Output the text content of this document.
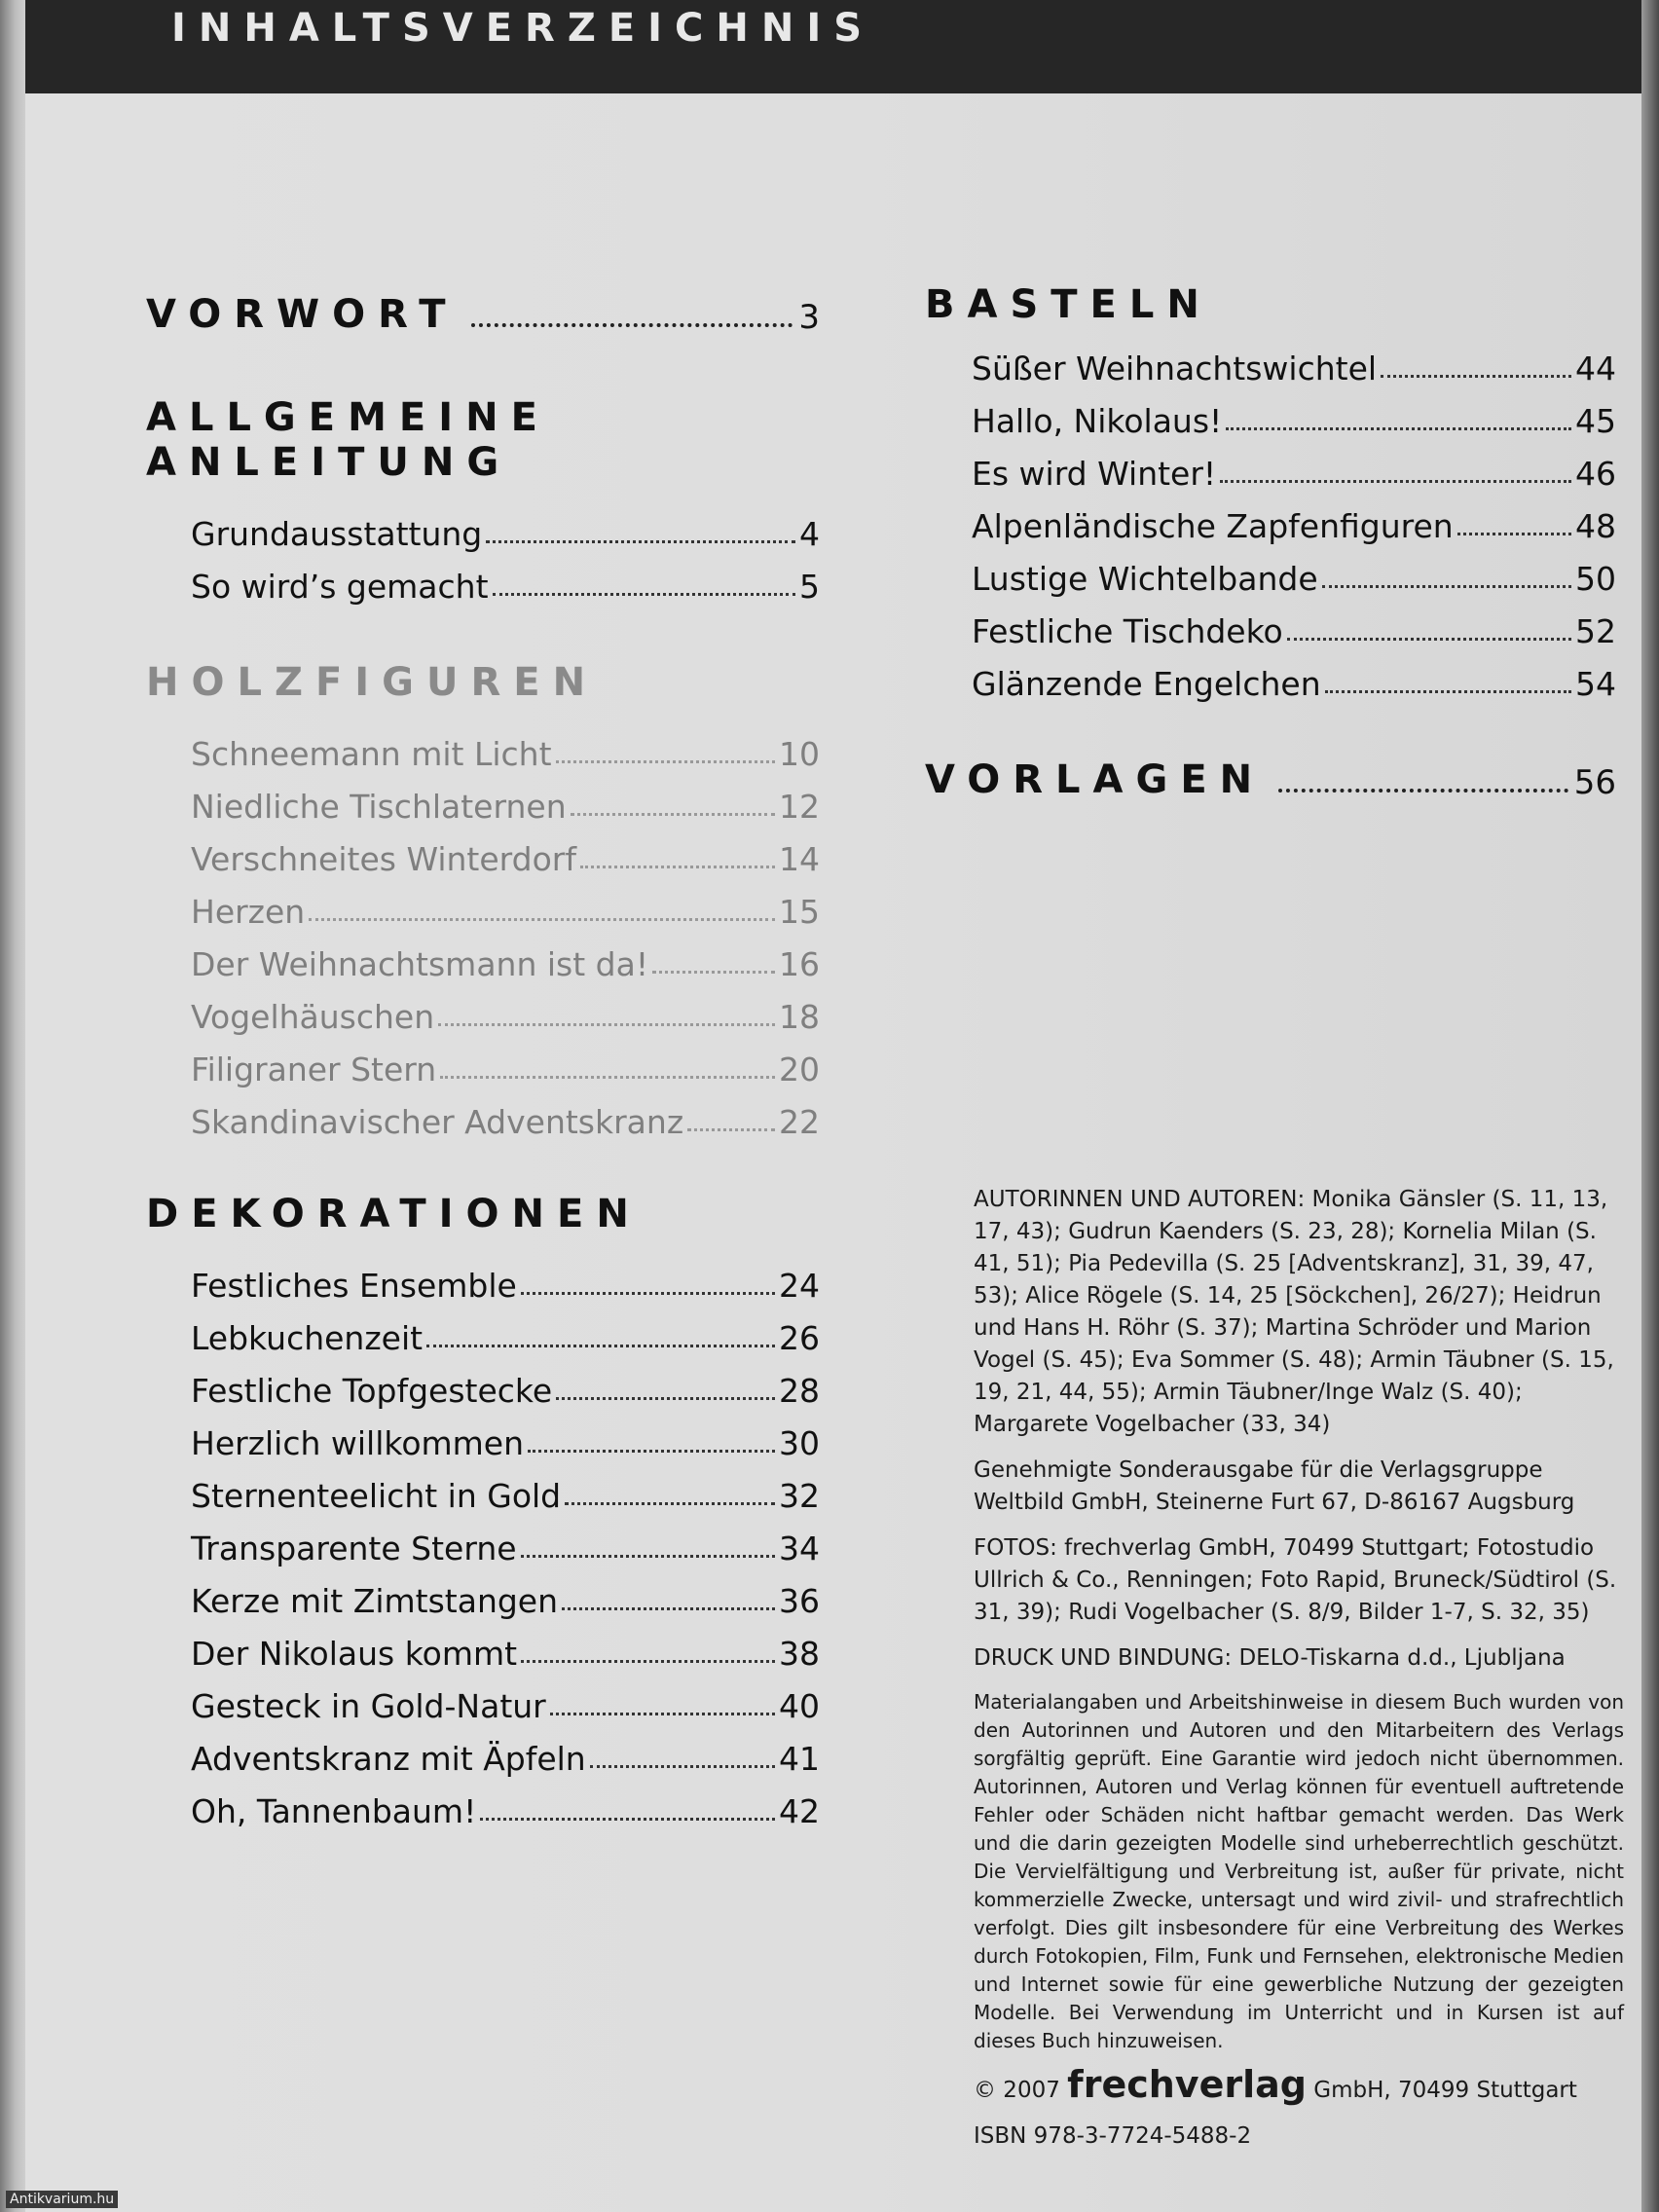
INHALTSVERZEICHNIS
VORWORT	3
ALLGEMEINE ANLEITUNG
Grundausstattung	4
So wird’s gemacht	5
HOLZFIGUREN
Schneemann mit Licht	10
Niedliche Tischlaternen	12
Verschneites Winterdorf	14
Herzen	15
Der Weihnachtsmann ist da!	16
Vogelhäuschen	18
Filigraner Stern	20
Skandinavischer Adventskranz	22
DEKORATIONEN
Festliches Ensemble	24
Lebkuchenzeit	26
Festliche Topfgestecke	28
Herzlich willkommen	30
Sternenteelicht in Gold	32
Transparente Sterne	34
Kerze mit Zimtstangen	36
Der Nikolaus kommt	38
Gesteck in Gold-Natur	40
Adventskranz mit Äpfeln	41
Oh, Tannenbaum!	42
BASTELN
Süßer Weihnachtswichtel	44
Hallo, Nikolaus!	45
Es wird Winter!	46
Alpenländische Zapfenfiguren	48
Lustige Wichtelbande	50
Festliche Tischdeko	52
Glänzende Engelchen	54
VORLAGEN	56

AUTORINNEN UND AUTOREN: Monika Gänsler (S. 11, 13, 17, 43); Gudrun Kaenders (S. 23, 28); Kornelia Milan (S. 41, 51); Pia Pedevilla (S. 25 [Adventskranz], 31, 39, 47, 53); Alice Rögele (S. 14, 25 [Söckchen], 26/27); Heidrun und Hans H. Röhr (S. 37); Martina Schröder und Marion Vogel (S. 45); Eva Sommer (S. 48); Armin Täubner (S. 15, 19, 21, 44, 55); Armin Täubner/Inge Walz (S. 40); Margarete Vogelbacher (33, 34)

Genehmigte Sonderausgabe für die Verlagsgruppe Weltbild GmbH, Steinerne Furt 67, D-86167 Augsburg

FOTOS: frechverlag GmbH, 70499 Stuttgart; Fotostudio Ullrich & Co., Renningen; Foto Rapid, Bruneck/Südtirol (S. 31, 39); Rudi Vogelbacher (S. 8/9, Bilder 1-7, S. 32, 35)

DRUCK UND BINDUNG: DELO-Tiskarna d.d., Ljubljana

Materialangaben und Arbeitshinweise in diesem Buch wurden von den Autorinnen und Autoren und den Mitarbeitern des Verlags sorgfältig geprüft. Eine Garantie wird jedoch nicht übernommen. Autorinnen, Autoren und Verlag können für eventuell auftretende Fehler oder Schäden nicht haftbar gemacht werden. Das Werk und die darin gezeigten Modelle sind urheberrechtlich geschützt. Die Vervielfältigung und Verbreitung ist, außer für private, nicht kommerzielle Zwecke, untersagt und wird zivil- und strafrechtlich verfolgt. Dies gilt insbesondere für eine Verbreitung des Werkes durch Fotokopien, Film, Funk und Fernsehen, elektronische Medien und Internet sowie für eine gewerbliche Nutzung der gezeigten Modelle. Bei Verwendung im Unterricht und in Kursen ist auf dieses Buch hinzuweisen.

© 2007 frechverlag GmbH, 70499 Stuttgart

ISBN 978-3-7724-5488-2

Antikvarium.hu
